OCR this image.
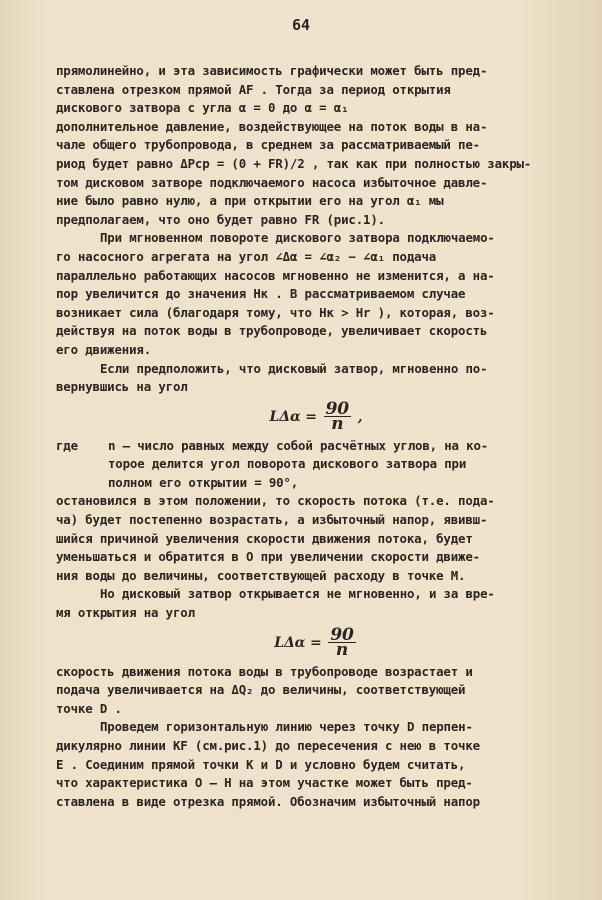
64
прямолинейно, и эта зависимость графически может быть пред-
ставлена отрезком прямой AF . Тогда за период открытия
дискового затвора с угла α = 0 до α = α₁
дополнительное давление, воздействующее на поток воды в на-
чале общего трубопровода, в среднем за рассматриваемый пе-
риод будет равно ΔPср = (0 + FR)/2 , так как при полностью закры-
том дисковом затворе подключаемого насоса избыточное давле-
ние было равно нулю, а при открытии его на угол α₁ мы
предполагаем, что оно будет равно FR (рис.1).
При мгновенном повороте дискового затвора подключаемо-
го насосного агрегата на угол ∠Δα = ∠α₂ − ∠α₁ подача
параллельно работающих насосов мгновенно не изменится, а на-
пор увеличится до значения Hк . В рассматриваемом случае
возникает сила (благодаря тому, что Hк > Hr ), которая, воз-
действуя на поток воды в трубопроводе, увеличивает скорость
его движения.
Если предположить, что дисковый затвор, мгновенно по-
вернувшись на угол
$L\Delta\alpha = \frac{90}{n}$ ,
где	n – число равных между собой расчётных углов, на ко-
торое делится угол поворота дискового затвора при
полном его открытии = 90°,
остановился в этом положении, то скорость потока (т.е. пода-
ча) будет постепенно возрастать, а избыточный напор, явивш-
шийся причиной увеличения скорости движения потока, будет
уменьшаться и обратится в О при увеличении скорости движе-
ния воды до величины, соответствующей расходу в точке М.
Но дисковый затвор открывается не мгновенно, и за вре-
мя открытия на угол
$L\Delta\alpha = \frac{90}{n}$
скорость движения потока воды в трубопроводе возрастает и
подача увеличивается на ΔQ₂ до величины, соответствующей
точке D .
Проведем горизонтальную линию через точку D перпен-
дикулярно линии KF (см.рис.1) до пересечения с нею в точке
E . Соединим прямой точки K и D и условно будем считать,
что характеристика О – Н на этом участке может быть пред-
ставлена в виде отрезка прямой. Обозначим избыточный напор
